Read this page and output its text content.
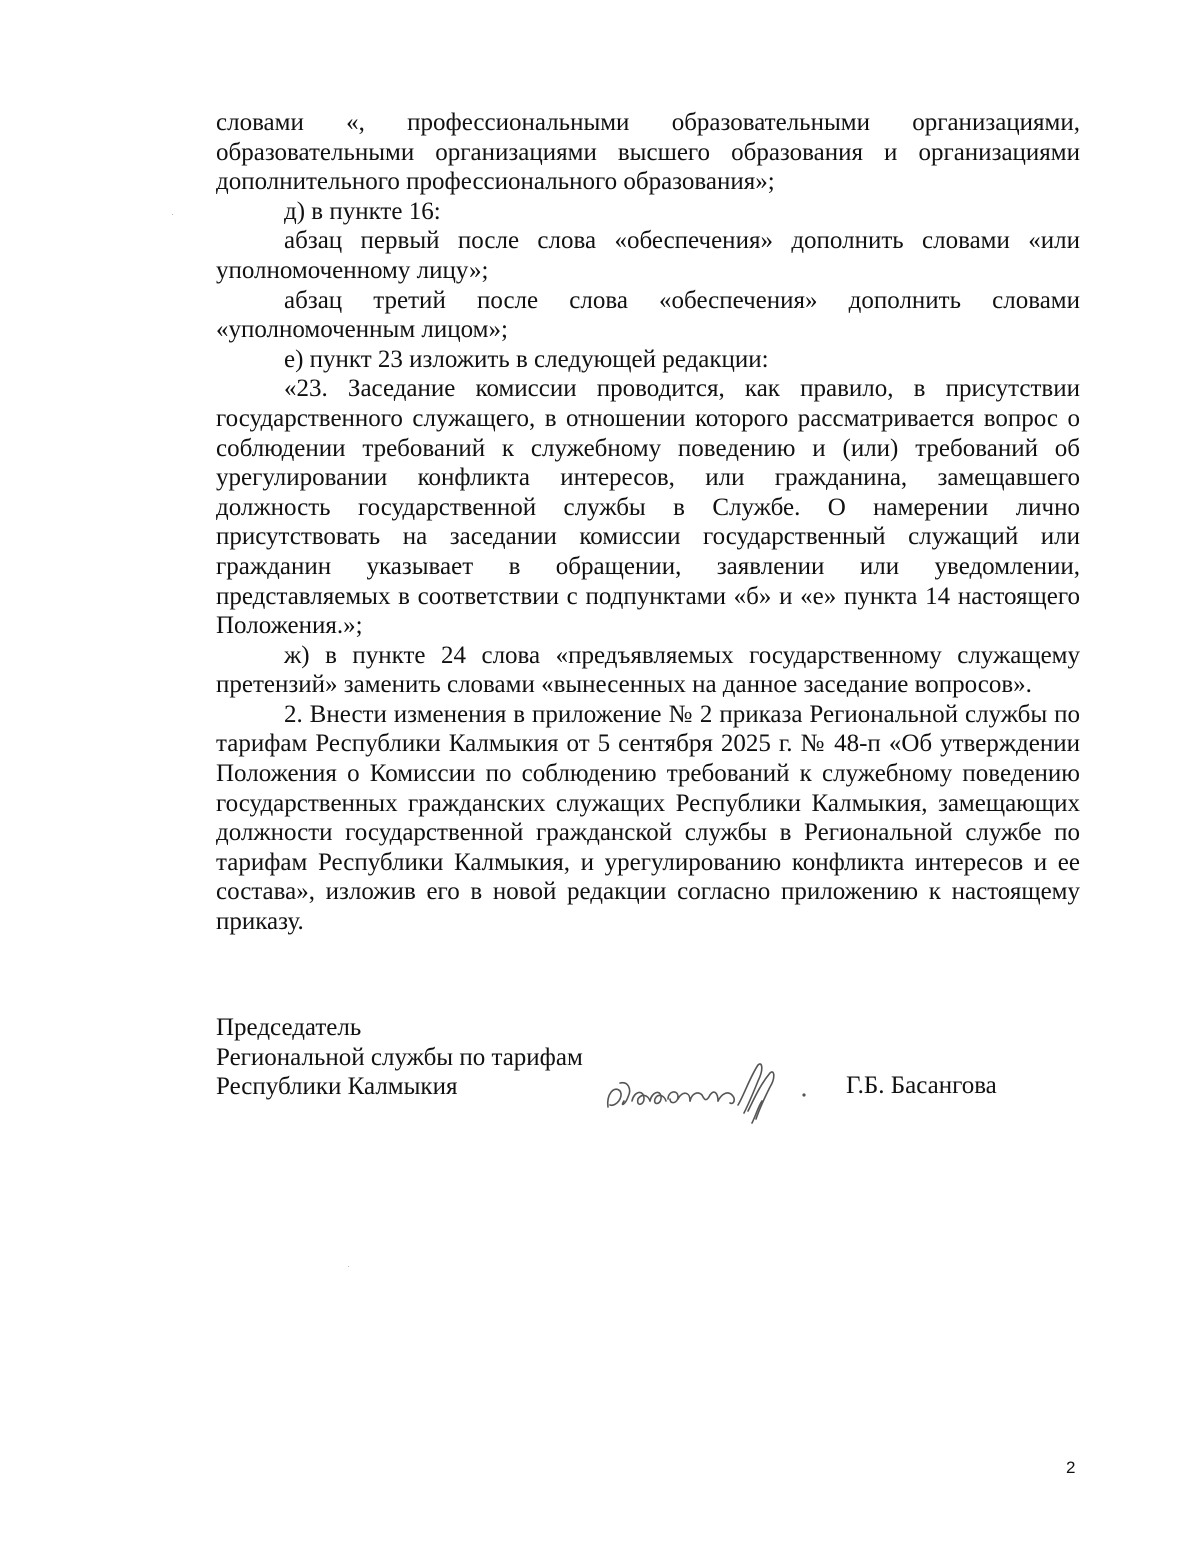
словами «, профессиональными образовательными организациями, образовательными организациями высшего образования и организациями дополнительного профессионального образования»;

д) в пункте 16:

абзац первый после слова «обеспечения» дополнить словами «или уполномоченному лицу»;

абзац третий после слова «обеспечения» дополнить словами «уполномоченным лицом»;

е) пункт 23 изложить в следующей редакции:

«23. Заседание комиссии проводится, как правило, в присутствии государственного служащего, в отношении которого рассматривается вопрос о соблюдении требований к служебному поведению и (или) требований об урегулировании конфликта интересов, или гражданина, замещавшего должность государственной службы в Службе. О намерении лично присутствовать на заседании комиссии государственный служащий или гражданин указывает в обращении, заявлении или уведомлении, представляемых в соответствии с подпунктами «б» и «е» пункта 14 настоящего Положения.»;

ж) в пункте 24 слова «предъявляемых государственному служащему претензий» заменить словами «вынесенных на данное заседание вопросов».

2. Внести изменения в приложение № 2 приказа Региональной службы по тарифам Республики Калмыкия от 5 сентября 2025 г. № 48-п «Об утверждении Положения о Комиссии по соблюдению требований к служебному поведению государственных гражданских служащих Республики Калмыкия, замещающих должности государственной гражданской службы в Региональной службе по тарифам Республики Калмыкия, и урегулированию конфликта интересов и ее состава», изложив его в новой редакции согласно приложению к настоящему приказу.

Председатель
Региональной службы по тарифам
Республики Калмыкия	Г.Б. Басангова
2
